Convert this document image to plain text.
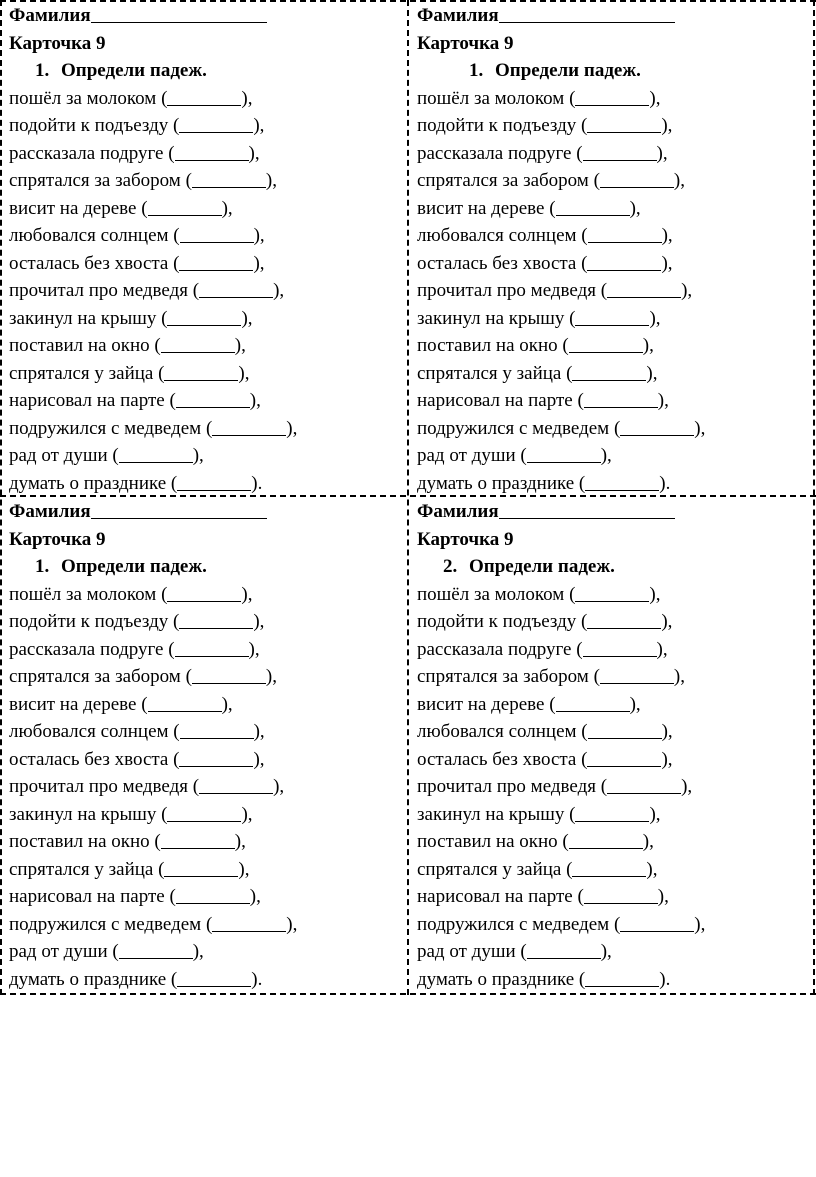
Фамилия
Карточка 9
1. Определи падеж.
пошёл за молоком (	),
подойти к подъезду (	),
рассказала подруге (	),
спрятался за забором (	),
висит на дереве (	),
любовался солнцем (	),
осталась без хвоста (	),
прочитал про медведя (	),
закинул на крышу (	),
поставил на окно (	),
спрятался у зайца (	),
нарисовал на парте (	),
подружился с медведем (	),
рад от души (	),
думать о празднике (	).
Фамилия
Карточка 9
1. Определи падеж.
пошёл за молоком (	),
подойти к подъезду (	),
рассказала подруге (	),
спрятался за забором (	),
висит на дереве (	),
любовался солнцем (	),
осталась без хвоста (	),
прочитал про медведя (	),
закинул на крышу (	),
поставил на окно (	),
спрятался у зайца (	),
нарисовал на парте (	),
подружился с медведем (	),
рад от души (	),
думать о празднике (	).
Фамилия
Карточка 9
1. Определи падеж.
пошёл за молоком (	),
подойти к подъезду (	),
рассказала подруге (	),
спрятался за забором (	),
висит на дереве (	),
любовался солнцем (	),
осталась без хвоста (	),
прочитал про медведя (	),
закинул на крышу (	),
поставил на окно (	),
спрятался у зайца (	),
нарисовал на парте (	),
подружился с медведем (	),
рад от души (	),
думать о празднике (	).
Фамилия
Карточка 9
2. Определи падеж.
пошёл за молоком (	),
подойти к подъезду (	),
рассказала подруге (	),
спрятался за забором (	),
висит на дереве (	),
любовался солнцем (	),
осталась без хвоста (	),
прочитал про медведя (	),
закинул на крышу (	),
поставил на окно (	),
спрятался у зайца (	),
нарисовал на парте (	),
подружился с медведем (	),
рад от души (	),
думать о празднике (	).
